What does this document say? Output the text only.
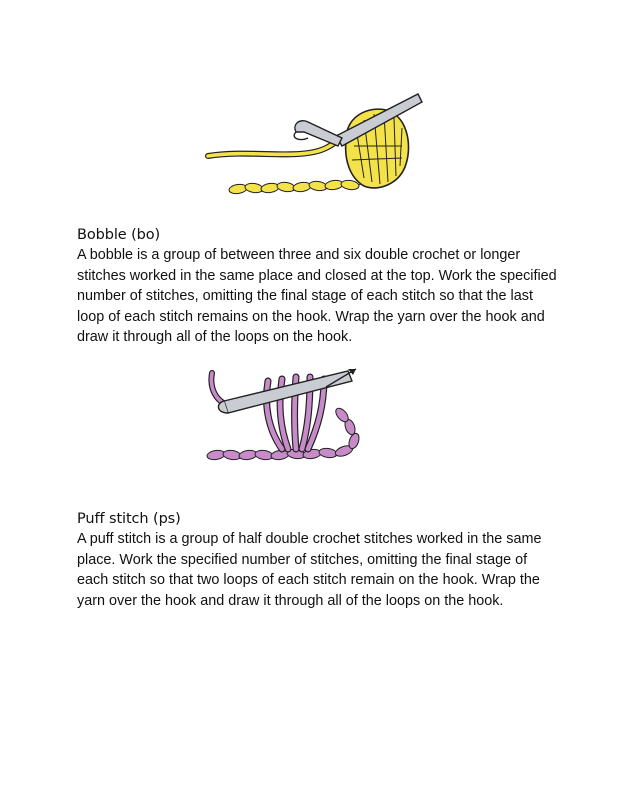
Bobble (bo)

A bobble is a group of between three and six double crochet or longer stitches worked in the same place and closed at the top. Work the specified number of stitches, omitting the final stage of each stitch so that the last loop of each stitch remains on the hook. Wrap the yarn over the hook and draw it through all of the loops on the hook.

Puff stitch (ps)

A puff stitch is a group of half double crochet stitches worked in the same place. Work the specified number of stitches, omitting the final stage of each stitch so that two loops of each stitch remain on the hook. Wrap the yarn over the hook and draw it through all of the loops on the hook.
